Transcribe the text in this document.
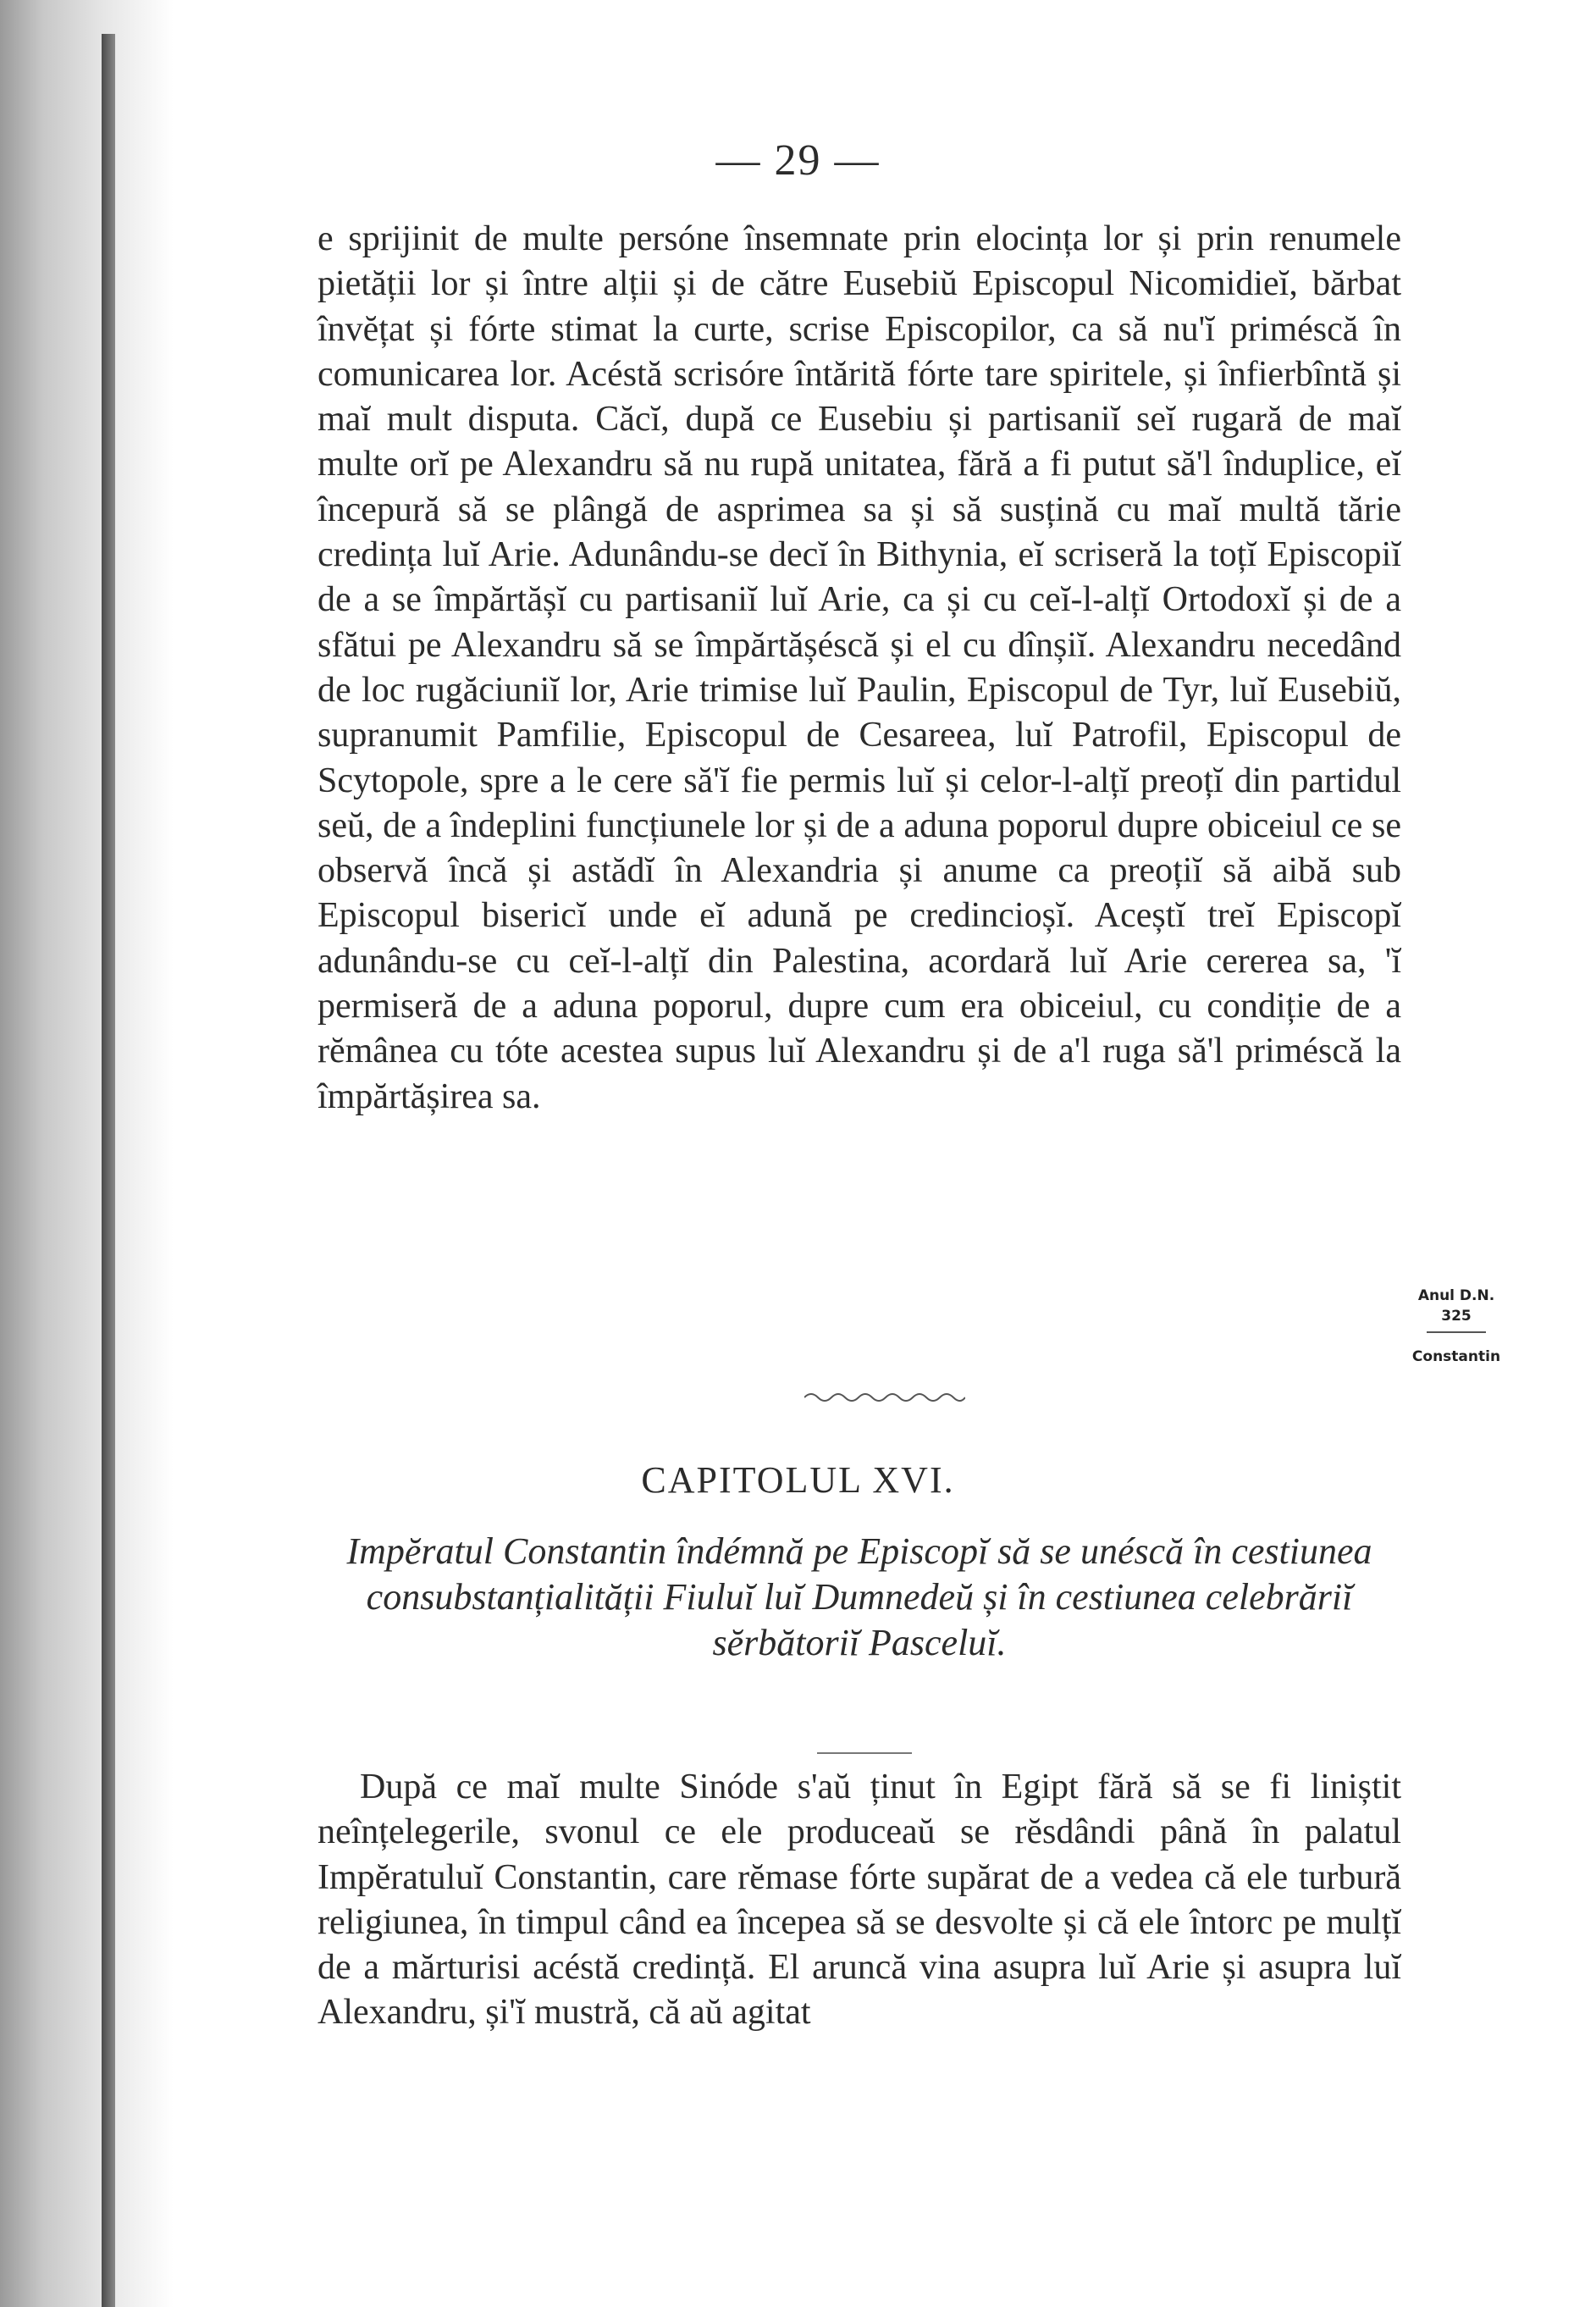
— 29 —

e sprijinit de multe persóne însemnate prin elocința lor și prin renumele pietății lor și între alții și de către Eusebiŭ Episcopul Nicomidieĭ, bărbat învĕțat și fórte stimat la curte, scrise Episcopilor, ca să nu'ĭ priméscă în comunicarea lor. Acéstă scrisóre întărită fórte tare spiritele, și înfierbîntă și maĭ mult disputa. Căcĭ, după ce Eusebiu și partisaniĭ seĭ rugară de maĭ multe orĭ pe Alexandru să nu rupă unitatea, fără a fi putut să'l înduplice, eĭ începură să se plângă de asprimea sa și să susțină cu maĭ multă tărie credința luĭ Arie. Adunându-se decĭ în Bithynia, eĭ scriseră la toțĭ Episcopiĭ de a se împărtășĭ cu partisaniĭ luĭ Arie, ca și cu ceĭ-l-alțĭ Ortodoxĭ și de a sfătui pe Alexandru să se împărtășéscă și el cu dînșiĭ. Alexandru necedând de loc rugăciuniĭ lor, Arie trimise luĭ Paulin, Episcopul de Tyr, luĭ Eusebiŭ, supranumit Pamfilie, Episcopul de Cesareea, luĭ Patrofil, Episcopul de Scytopole, spre a le cere să'ĭ fie permis luĭ și celor-l-alțĭ preoțĭ din partidul seŭ, de a îndeplini funcțiunele lor și de a aduna poporul dupre obiceiul ce se observă încă și astădĭ în Alexandria și anume ca preoțiĭ să aibă sub Episcopul bisericĭ unde eĭ adună pe credincioșĭ. Aceștĭ treĭ Episcopĭ adunându-se cu ceĭ-l-alțĭ din Palestina, acordară luĭ Arie cererea sa, 'ĭ permiseră de a aduna poporul, dupre cum era obiceiul, cu condiție de a rĕmânea cu tóte acestea supus luĭ Alexandru și de a'l ruga să'l priméscă la împărtășirea sa.

Anul D.N.
325
Constantin
CAPITOLUL XVI.
Impĕratul Constantin îndémnă pe Episcopĭ să se unéscă în cestiunea consubstanțialității Fiuluĭ luĭ Dumnedeŭ și în cestiunea celebrăriĭ sĕrbătoriĭ Pasceluĭ.

După ce maĭ multe Sinóde s'aŭ ținut în Egipt fără să se fi liniștit neînțelegerile, svonul ce ele produceaŭ se rĕsdândi până în palatul Impĕratuluĭ Constantin, care rĕmase fórte supărat de a vedea că ele turbură religiunea, în timpul când ea începea să se desvolte și că ele întorc pe mulțĭ de a mărturisi acéstă credință. El aruncă vina asupra luĭ Arie și asupra luĭ Alexandru, și'ĭ mustră, că aŭ agitat
